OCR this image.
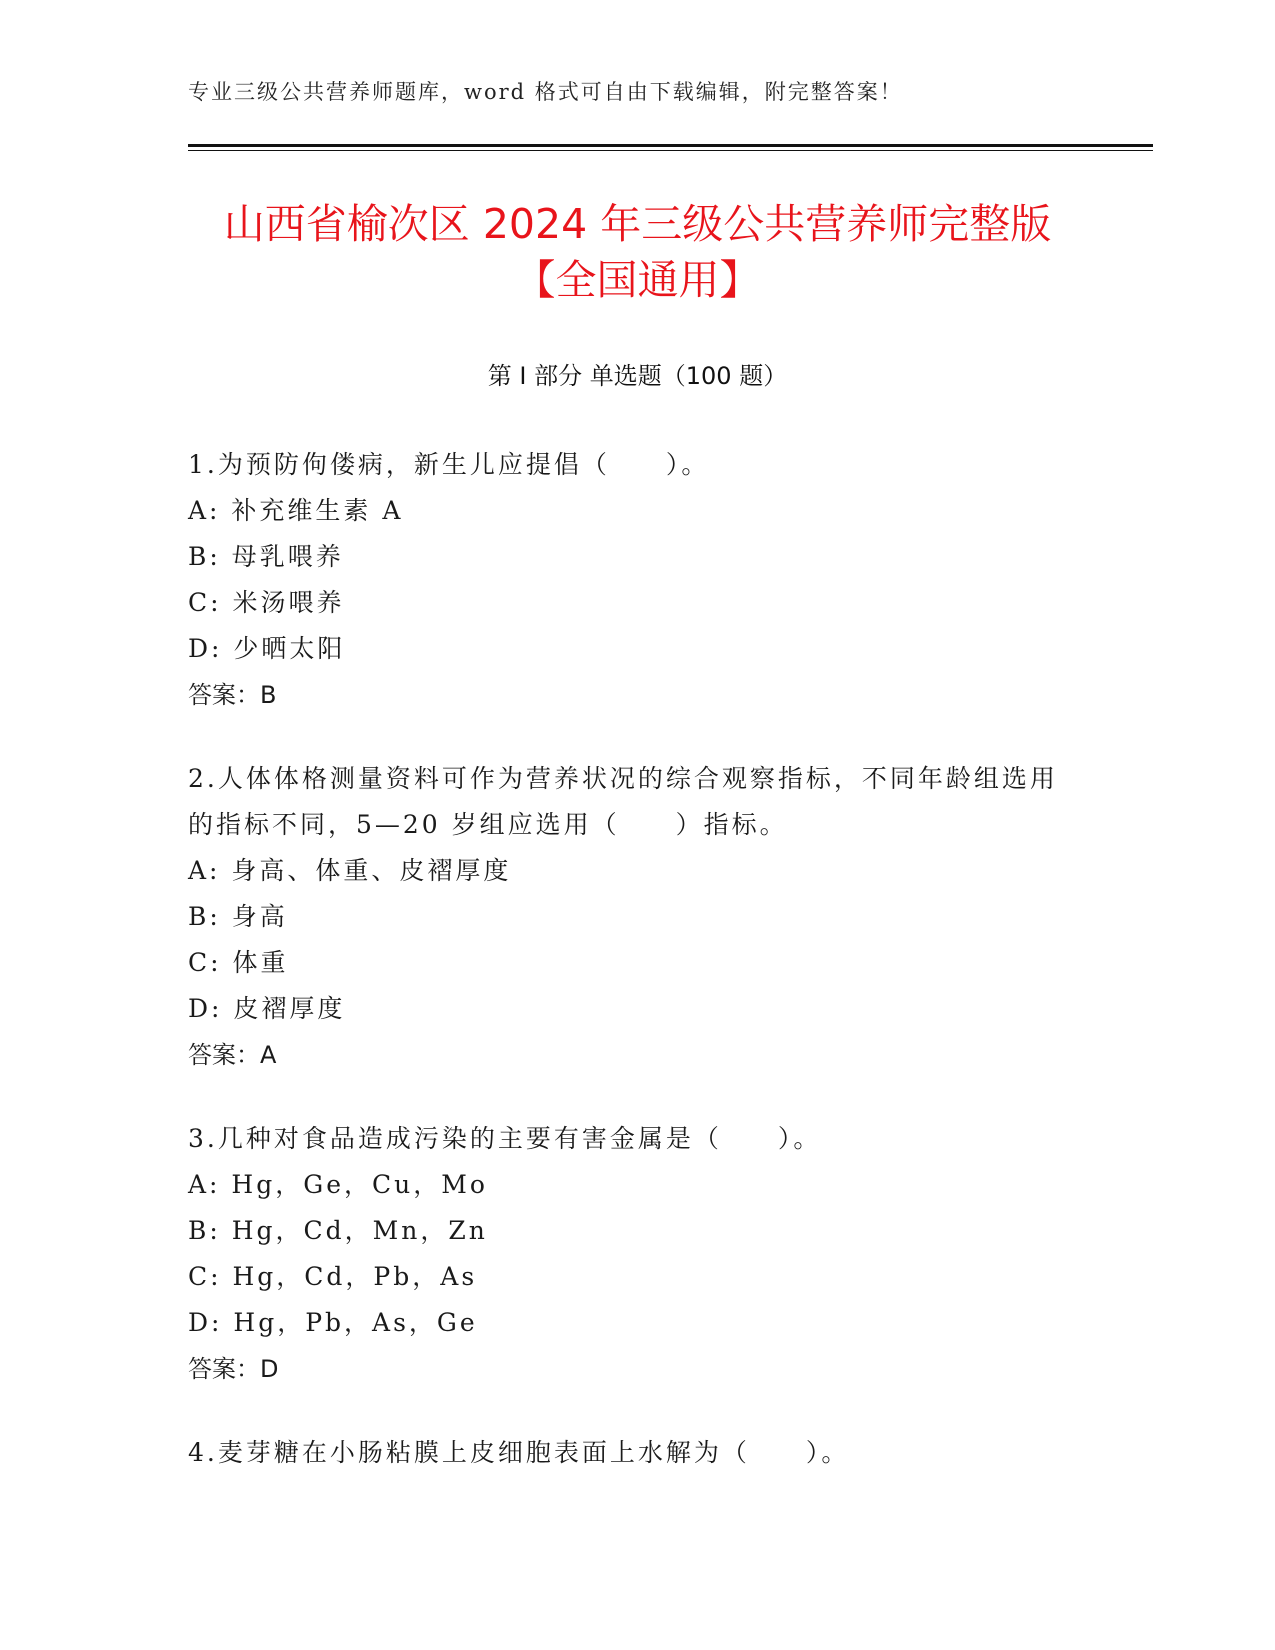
专业三级公共营养师题库，word 格式可自由下载编辑，附完整答案！
山西省榆次区 2024 年三级公共营养师完整版
【全国通用】
第 I 部分 单选题（100 题）

1.为预防佝偻病，新生儿应提倡（　　）。

A: 补充维生素 A

B: 母乳喂养

C: 米汤喂养

D: 少晒太阳

答案：B

2.人体体格测量资料可作为营养状况的综合观察指标，不同年龄组选用的指标不同，5—20 岁组应选用（　　）指标。

A: 身高、体重、皮褶厚度

B: 身高

C: 体重

D: 皮褶厚度

答案：A

3.几种对食品造成污染的主要有害金属是（　　）。

A: Hg，Ge，Cu，Mo

B: Hg，Cd，Mn，Zn

C: Hg，Cd，Pb，As

D: Hg，Pb，As，Ge

答案：D

4.麦芽糖在小肠粘膜上皮细胞表面上水解为（　　）。
